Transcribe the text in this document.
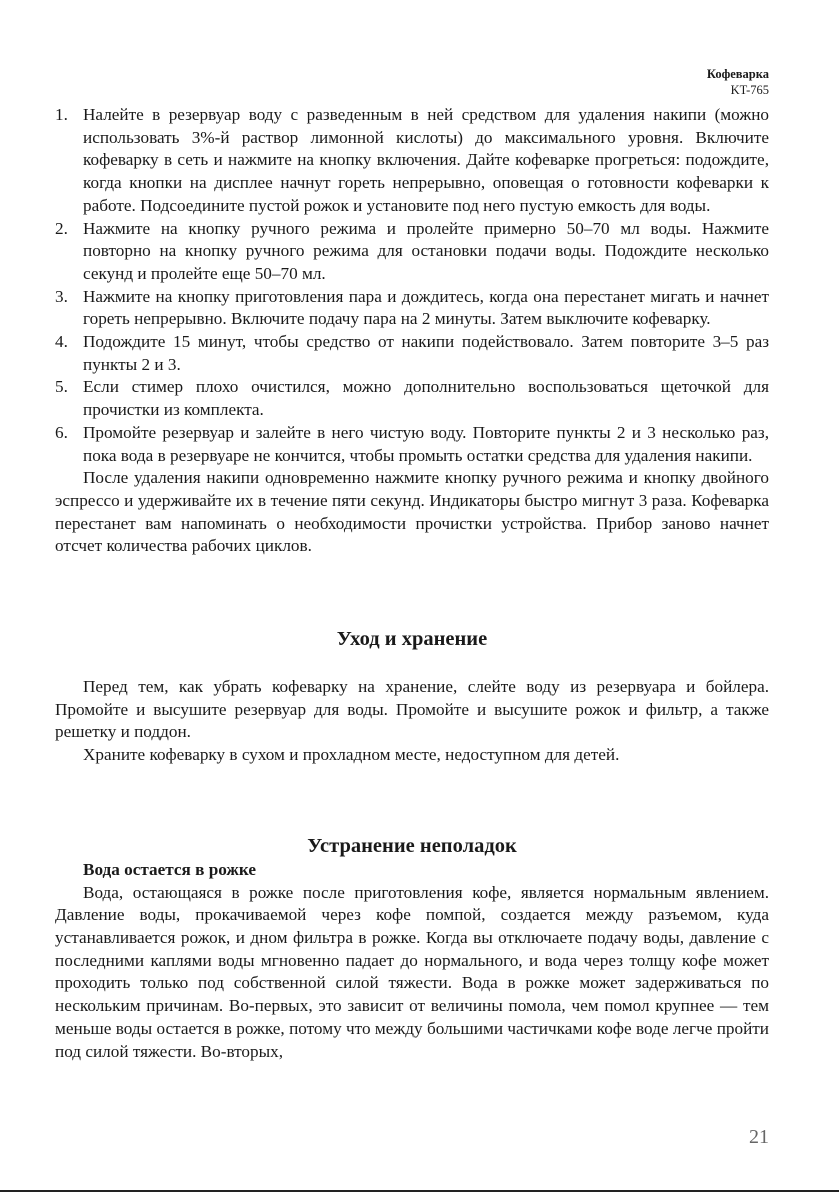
Кофеварка
KT-765
1. Налейте в резервуар воду с разведенным в ней средством для удаления накипи (можно использовать 3%-й раствор лимонной кислоты) до максимального уровня. Включите кофеварку в сеть и нажмите на кнопку включения. Дайте кофеварке прогреться: подождите, когда кнопки на дисплее начнут гореть непрерывно, оповещая о готовности кофеварки к работе. Подсоедините пустой рожок и установите под него пустую емкость для воды.
2. Нажмите на кнопку ручного режима и пролейте примерно 50–70 мл воды. Нажмите повторно на кнопку ручного режима для остановки подачи воды. Подождите несколько секунд и пролейте еще 50–70 мл.
3. Нажмите на кнопку приготовления пара и дождитесь, когда она перестанет мигать и начнет гореть непрерывно. Включите подачу пара на 2 минуты. Затем выключите кофеварку.
4. Подождите 15 минут, чтобы средство от накипи подействовало. Затем повторите 3–5 раз пункты 2 и 3.
5. Если стимер плохо очистился, можно дополнительно воспользоваться щеточкой для прочистки из комплекта.
6. Промойте резервуар и залейте в него чистую воду. Повторите пункты 2 и 3 несколько раз, пока вода в резервуаре не кончится, чтобы промыть остатки средства для удаления накипи.

После удаления накипи одновременно нажмите кнопку ручного режима и кнопку двойного эспрессо и удерживайте их в течение пяти секунд. Индикаторы быстро мигнут 3 раза. Кофеварка перестанет вам напоминать о необходимости прочистки устройства. Прибор заново начнет отсчет количества рабочих циклов.

Уход и хранение

Перед тем, как убрать кофеварку на хранение, слейте воду из резервуара и бойлера. Промойте и высушите резервуар для воды. Промойте и высушите рожок и фильтр, а также решетку и поддон.

Храните кофеварку в сухом и прохладном месте, недоступном для детей.

Устранение неполадок
Вода остается в рожке

Вода, остающаяся в рожке после приготовления кофе, является нормальным явлением. Давление воды, прокачиваемой через кофе помпой, создается между разъемом, куда устанавливается рожок, и дном фильтра в рожке. Когда вы отключаете подачу воды, давление с последними каплями воды мгновенно падает до нормального, и вода через толщу кофе может проходить только под собственной силой тяжести. Вода в рожке может задерживаться по нескольким причинам. Во-первых, это зависит от величины помола, чем помол крупнее — тем меньше воды остается в рожке, потому что между большими частичками кофе воде легче пройти под силой тяжести. Во-вторых,

21
